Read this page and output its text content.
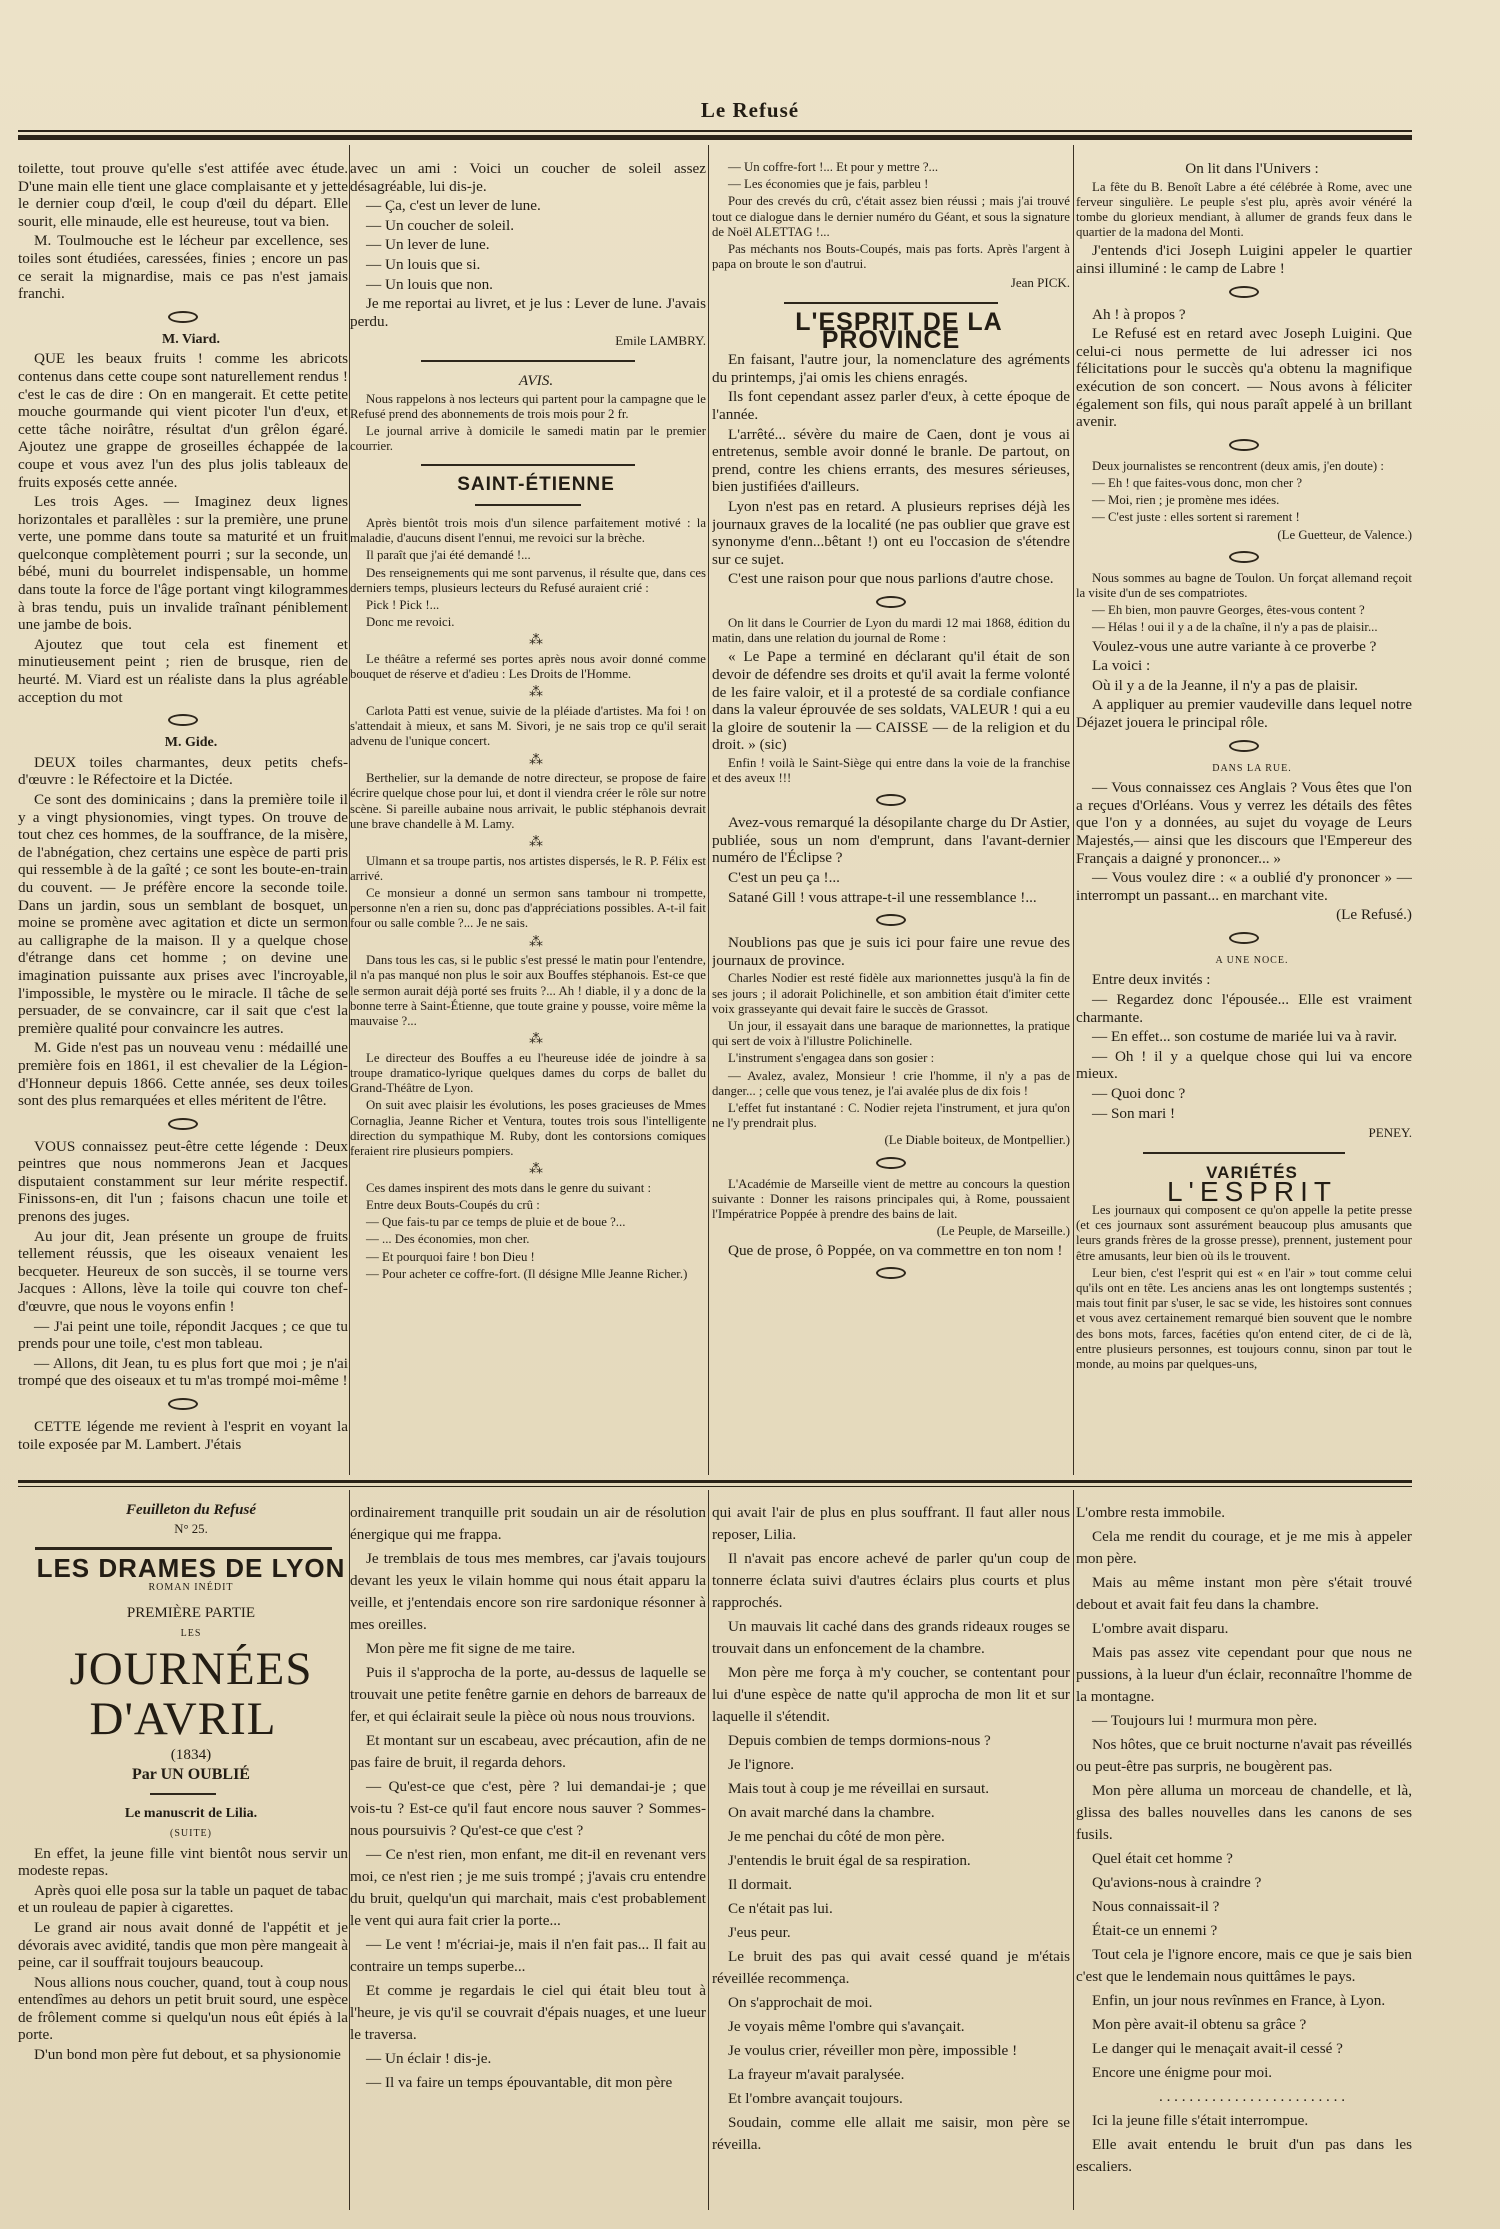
Le Refusé

toilette, tout prouve qu'elle s'est attifée avec étude. D'une main elle tient une glace complaisante et y jette le dernier coup d'œil, le coup d'œil du départ. Elle sourit, elle minaude, elle est heureuse, tout va bien.

M. Toulmouche est le lécheur par excellence, ses toiles sont étudiées, caressées, finies ; encore un pas ce serait la mignardise, mais ce pas n'est jamais franchi.

M. Viard.

QUE les beaux fruits ! comme les abricots contenus dans cette coupe sont naturellement rendus ! c'est le cas de dire : On en mangerait. Et cette petite mouche gourmande qui vient picoter l'un d'eux, et cette tâche noirâtre, résultat d'un grêlon égaré. Ajoutez une grappe de groseilles échappée de la coupe et vous avez l'un des plus jolis tableaux de fruits exposés cette année.

Les trois Ages. — Imaginez deux lignes horizontales et parallèles : sur la première, une prune verte, une pomme dans toute sa maturité et un fruit quelconque complètement pourri ; sur la seconde, un bébé, muni du bourrelet indispensable, un homme dans toute la force de l'âge portant vingt kilogrammes à bras tendu, puis un invalide traînant péniblement une jambe de bois.

Ajoutez que tout cela est finement et minutieusement peint ; rien de brusque, rien de heurté. M. Viard est un réaliste dans la plus agréable acception du mot

M. Gide.

DEUX toiles charmantes, deux petits chefs-d'œuvre : le Réfectoire et la Dictée.

Ce sont des dominicains ; dans la première toile il y a vingt physionomies, vingt types. On trouve de tout chez ces hommes, de la souffrance, de la misère, de l'abnégation, chez certains une espèce de parti pris qui ressemble à de la gaîté ; ce sont les boute-en-train du couvent. — Je préfère encore la seconde toile. Dans un jardin, sous un semblant de bosquet, un moine se promène avec agitation et dicte un sermon au calligraphe de la maison. Il y a quelque chose d'étrange dans cet homme ; on devine une imagination puissante aux prises avec l'incroyable, l'impossible, le mystère ou le miracle. Il tâche de se persuader, de se convaincre, car il sait que c'est la première qualité pour convaincre les autres.

M. Gide n'est pas un nouveau venu : médaillé une première fois en 1861, il est chevalier de la Légion-d'Honneur depuis 1866. Cette année, ses deux toiles sont des plus remarquées et elles méritent de l'être.

VOUS connaissez peut-être cette légende : Deux peintres que nous nommerons Jean et Jacques disputaient constamment sur leur mérite respectif. Finissons-en, dit l'un ; faisons chacun une toile et prenons des juges.

Au jour dit, Jean présente un groupe de fruits tellement réussis, que les oiseaux venaient les becqueter. Heureux de son succès, il se tourne vers Jacques : Allons, lève la toile qui couvre ton chef-d'œuvre, que nous le voyons enfin !

— J'ai peint une toile, répondit Jacques ; ce que tu prends pour une toile, c'est mon tableau.

— Allons, dit Jean, tu es plus fort que moi ; je n'ai trompé que des oiseaux et tu m'as trompé moi-même !

CETTE légende me revient à l'esprit en voyant la toile exposée par M. Lambert. J'étais

avec un ami : Voici un coucher de soleil assez désagréable, lui dis-je.

— Ça, c'est un lever de lune.

— Un coucher de soleil.

— Un lever de lune.

— Un louis que si.

— Un louis que non.

Je me reportai au livret, et je lus : Lever de lune. J'avais perdu.

Emile LAMBRY.

AVIS.

Nous rappelons à nos lecteurs qui partent pour la campagne que le Refusé prend des abonnements de trois mois pour 2 fr.

Le journal arrive à domicile le samedi matin par le premier courrier.

SAINT-ÉTIENNE

Après bientôt trois mois d'un silence parfaitement motivé : la maladie, d'aucuns disent l'ennui, me revoici sur la brèche.

Il paraît que j'ai été demandé !...

Des renseignements qui me sont parvenus, il résulte que, dans ces derniers temps, plusieurs lecteurs du Refusé auraient crié :

Pick ! Pick !...

Donc me revoici.

⁂

Le théâtre a refermé ses portes après nous avoir donné comme bouquet de réserve et d'adieu : Les Droits de l'Homme.

⁂

Carlota Patti est venue, suivie de la pléiade d'artistes. Ma foi ! on s'attendait à mieux, et sans M. Sivori, je ne sais trop ce qu'il serait advenu de l'unique concert.

⁂

Berthelier, sur la demande de notre directeur, se propose de faire écrire quelque chose pour lui, et dont il viendra créer le rôle sur notre scène. Si pareille aubaine nous arrivait, le public stéphanois devrait une brave chandelle à M. Lamy.

⁂

Ulmann et sa troupe partis, nos artistes dispersés, le R. P. Félix est arrivé.

Ce monsieur a donné un sermon sans tambour ni trompette, personne n'en a rien su, donc pas d'appréciations possibles. A-t-il fait four ou salle comble ?... Je ne sais.

⁂

Dans tous les cas, si le public s'est pressé le matin pour l'entendre, il n'a pas manqué non plus le soir aux Bouffes stéphanois. Est-ce que le sermon aurait déjà porté ses fruits ?... Ah ! diable, il y a donc de la bonne terre à Saint-Étienne, que toute graine y pousse, voire même la mauvaise ?...

⁂

Le directeur des Bouffes a eu l'heureuse idée de joindre à sa troupe dramatico-lyrique quelques dames du corps de ballet du Grand-Théâtre de Lyon.

On suit avec plaisir les évolutions, les poses gracieuses de Mmes Cornaglia, Jeanne Richer et Ventura, toutes trois sous l'intelligente direction du sympathique M. Ruby, dont les contorsions comiques feraient rire plusieurs pompiers.

⁂

Ces dames inspirent des mots dans le genre du suivant :

Entre deux Bouts-Coupés du crû :

— Que fais-tu par ce temps de pluie et de boue ?...

— ... Des économies, mon cher.

— Et pourquoi faire ! bon Dieu !

— Pour acheter ce coffre-fort. (Il désigne Mlle Jeanne Richer.)

— Un coffre-fort !... Et pour y mettre ?...

— Les économies que je fais, parbleu !

Pour des crevés du crû, c'était assez bien réussi ; mais j'ai trouvé tout ce dialogue dans le dernier numéro du Géant, et sous la signature de Noël ALETTAG !...

Pas méchants nos Bouts-Coupés, mais pas forts. Après l'argent à papa on broute le son d'autrui.

Jean PICK.

L'ESPRIT DE LA PROVINCE

En faisant, l'autre jour, la nomenclature des agréments du printemps, j'ai omis les chiens enragés.

Ils font cependant assez parler d'eux, à cette époque de l'année.

L'arrêté... sévère du maire de Caen, dont je vous ai entretenus, semble avoir donné le branle. De partout, on prend, contre les chiens errants, des mesures sérieuses, bien justifiées d'ailleurs.

Lyon n'est pas en retard. A plusieurs reprises déjà les journaux graves de la localité (ne pas oublier que grave est synonyme d'enn...bêtant !) ont eu l'occasion de s'étendre sur ce sujet.

C'est une raison pour que nous parlions d'autre chose.

On lit dans le Courrier de Lyon du mardi 12 mai 1868, édition du matin, dans une relation du journal de Rome :

« Le Pape a terminé en déclarant qu'il était de son devoir de défendre ses droits et qu'il avait la ferme volonté de les faire valoir, et il a protesté de sa cordiale confiance dans la valeur éprouvée de ses soldats, VALEUR ! qui a eu la gloire de soutenir la — CAISSE — de la religion et du droit. » (sic)

Enfin ! voilà le Saint-Siège qui entre dans la voie de la franchise et des aveux !!!

Avez-vous remarqué la désopilante charge du Dr Astier, publiée, sous un nom d'emprunt, dans l'avant-dernier numéro de l'Éclipse ?

C'est un peu ça !...

Satané Gill ! vous attrape-t-il une ressemblance !...

Noublions pas que je suis ici pour faire une revue des journaux de province.

Charles Nodier est resté fidèle aux marionnettes jusqu'à la fin de ses jours ; il adorait Polichinelle, et son ambition était d'imiter cette voix grasseyante qui devait faire le succès de Grassot.

Un jour, il essayait dans une baraque de marionnettes, la pratique qui sert de voix à l'illustre Polichinelle.

L'instrument s'engagea dans son gosier :

— Avalez, avalez, Monsieur ! crie l'homme, il n'y a pas de danger... ; celle que vous tenez, je l'ai avalée plus de dix fois !

L'effet fut instantané : C. Nodier rejeta l'instrument, et jura qu'on ne l'y prendrait plus.

(Le Diable boiteux, de Montpellier.)

L'Académie de Marseille vient de mettre au concours la question suivante : Donner les raisons principales qui, à Rome, poussaient l'Impératrice Poppée à prendre des bains de lait.

(Le Peuple, de Marseille.)

Que de prose, ô Poppée, on va commettre en ton nom !

On lit dans l'Univers :

La fête du B. Benoît Labre a été célébrée à Rome, avec une ferveur singulière. Le peuple s'est plu, après avoir vénéré la tombe du glorieux mendiant, à allumer de grands feux dans le quartier de la madona del Monti.

J'entends d'ici Joseph Luigini appeler le quartier ainsi illuminé : le camp de Labre !

Ah ! à propos ?

Le Refusé est en retard avec Joseph Luigini. Que celui-ci nous permette de lui adresser ici nos félicitations pour le succès qu'a obtenu la magnifique exécution de son concert. — Nous avons à féliciter également son fils, qui nous paraît appelé à un brillant avenir.

Deux journalistes se rencontrent (deux amis, j'en doute) :

— Eh ! que faites-vous donc, mon cher ?

— Moi, rien ; je promène mes idées.

— C'est juste : elles sortent si rarement !

(Le Guetteur, de Valence.)

Nous sommes au bagne de Toulon. Un forçat allemand reçoit la visite d'un de ses compatriotes.

— Eh bien, mon pauvre Georges, êtes-vous content ?

— Hélas ! oui il y a de la chaîne, il n'y a pas de plaisir...

Voulez-vous une autre variante à ce proverbe ?

La voici :

Où il y a de la Jeanne, il n'y a pas de plaisir.

A appliquer au premier vaudeville dans lequel notre Déjazet jouera le principal rôle.

DANS LA RUE.

— Vous connaissez ces Anglais ? Vous êtes que l'on a reçues d'Orléans. Vous y verrez les détails des fêtes que l'on y a données, au sujet du voyage de Leurs Majestés,— ainsi que les discours que l'Empereur des Français a daigné y prononcer... »

— Vous voulez dire : « a oublié d'y prononcer » — interrompt un passant... en marchant vite.

(Le Refusé.)

A UNE NOCE.

Entre deux invités :

— Regardez donc l'épousée... Elle est vraiment charmante.

— En effet... son costume de mariée lui va à ravir.

— Oh ! il y a quelque chose qui lui va encore mieux.

— Quoi donc ?

— Son mari !

PENEY.

VARIÉTÉS

L'ESPRIT

Les journaux qui composent ce qu'on appelle la petite presse (et ces journaux sont assurément beaucoup plus amusants que leurs grands frères de la grosse presse), prennent, justement pour être amusants, leur bien où ils le trouvent.

Leur bien, c'est l'esprit qui est « en l'air » tout comme celui qu'ils ont en tête. Les anciens anas les ont longtemps sustentés ; mais tout finit par s'user, le sac se vide, les histoires sont connues et vous avez certainement remarqué bien souvent que le nombre des bons mots, farces, facéties qu'on entend citer, de ci de là, entre plusieurs personnes, est toujours connu, sinon par tout le monde, au moins par quelques-uns,

Feuilleton du Refusé

N° 25.

LES DRAMES DE LYON

ROMAN INÉDIT

PREMIÈRE PARTIE

LES

JOURNÉES D'AVRIL

(1834)

Par UN OUBLIÉ

Le manuscrit de Lilia.

(SUITE)

En effet, la jeune fille vint bientôt nous servir un modeste repas.

Après quoi elle posa sur la table un paquet de tabac et un rouleau de papier à cigarettes.

Le grand air nous avait donné de l'appétit et je dévorais avec avidité, tandis que mon père mangeait à peine, car il souffrait toujours beaucoup.

Nous allions nous coucher, quand, tout à coup nous entendîmes au dehors un petit bruit sourd, une espèce de frôlement comme si quelqu'un nous eût épiés à la porte.

D'un bond mon père fut debout, et sa physionomie

ordinairement tranquille prit soudain un air de résolution énergique qui me frappa.

Je tremblais de tous mes membres, car j'avais toujours devant les yeux le vilain homme qui nous était apparu la veille, et j'entendais encore son rire sardonique résonner à mes oreilles.

Mon père me fit signe de me taire.

Puis il s'approcha de la porte, au-dessus de laquelle se trouvait une petite fenêtre garnie en dehors de barreaux de fer, et qui éclairait seule la pièce où nous nous trouvions.

Et montant sur un escabeau, avec précaution, afin de ne pas faire de bruit, il regarda dehors.

— Qu'est-ce que c'est, père ? lui demandai-je ; que vois-tu ? Est-ce qu'il faut encore nous sauver ? Sommes-nous poursuivis ? Qu'est-ce que c'est ?

— Ce n'est rien, mon enfant, me dit-il en revenant vers moi, ce n'est rien ; je me suis trompé ; j'avais cru entendre du bruit, quelqu'un qui marchait, mais c'est probablement le vent qui aura fait crier la porte...

— Le vent ! m'écriai-je, mais il n'en fait pas... Il fait au contraire un temps superbe...

Et comme je regardais le ciel qui était bleu tout à l'heure, je vis qu'il se couvrait d'épais nuages, et une lueur le traversa.

— Un éclair ! dis-je.

— Il va faire un temps épouvantable, dit mon père

qui avait l'air de plus en plus souffrant. Il faut aller nous reposer, Lilia.

Il n'avait pas encore achevé de parler qu'un coup de tonnerre éclata suivi d'autres éclairs plus courts et plus rapprochés.

Un mauvais lit caché dans des grands rideaux rouges se trouvait dans un enfoncement de la chambre.

Mon père me força à m'y coucher, se contentant pour lui d'une espèce de natte qu'il approcha de mon lit et sur laquelle il s'étendit.

Depuis combien de temps dormions-nous ?

Je l'ignore.

Mais tout à coup je me réveillai en sursaut.

On avait marché dans la chambre.

Je me penchai du côté de mon père.

J'entendis le bruit égal de sa respiration.

Il dormait.

Ce n'était pas lui.

J'eus peur.

Le bruit des pas qui avait cessé quand je m'étais réveillée recommença.

On s'approchait de moi.

Je voyais même l'ombre qui s'avançait.

Je voulus crier, réveiller mon père, impossible !

La frayeur m'avait paralysée.

Et l'ombre avançait toujours.

Soudain, comme elle allait me saisir, mon père se réveilla.

L'ombre resta immobile.

Cela me rendit du courage, et je me mis à appeler mon père.

Mais au même instant mon père s'était trouvé debout et avait fait feu dans la chambre.

L'ombre avait disparu.

Mais pas assez vite cependant pour que nous ne pussions, à la lueur d'un éclair, reconnaître l'homme de la montagne.

— Toujours lui ! murmura mon père.

Nos hôtes, que ce bruit nocturne n'avait pas réveillés ou peut-être pas surpris, ne bougèrent pas.

Mon père alluma un morceau de chandelle, et là, glissa des balles nouvelles dans les canons de ses fusils.

Quel était cet homme ?

Qu'avions-nous à craindre ?

Nous connaissait-il ?

Était-ce un ennemi ?

Tout cela je l'ignore encore, mais ce que je sais bien c'est que le lendemain nous quittâmes le pays.

Enfin, un jour nous revînmes en France, à Lyon.

Mon père avait-il obtenu sa grâce ?

Le danger qui le menaçait avait-il cessé ?

Encore une énigme pour moi.

. . . . . . . . . . . . . . . . . . . . . . . . .

Ici la jeune fille s'était interrompue.

Elle avait entendu le bruit d'un pas dans les escaliers.
